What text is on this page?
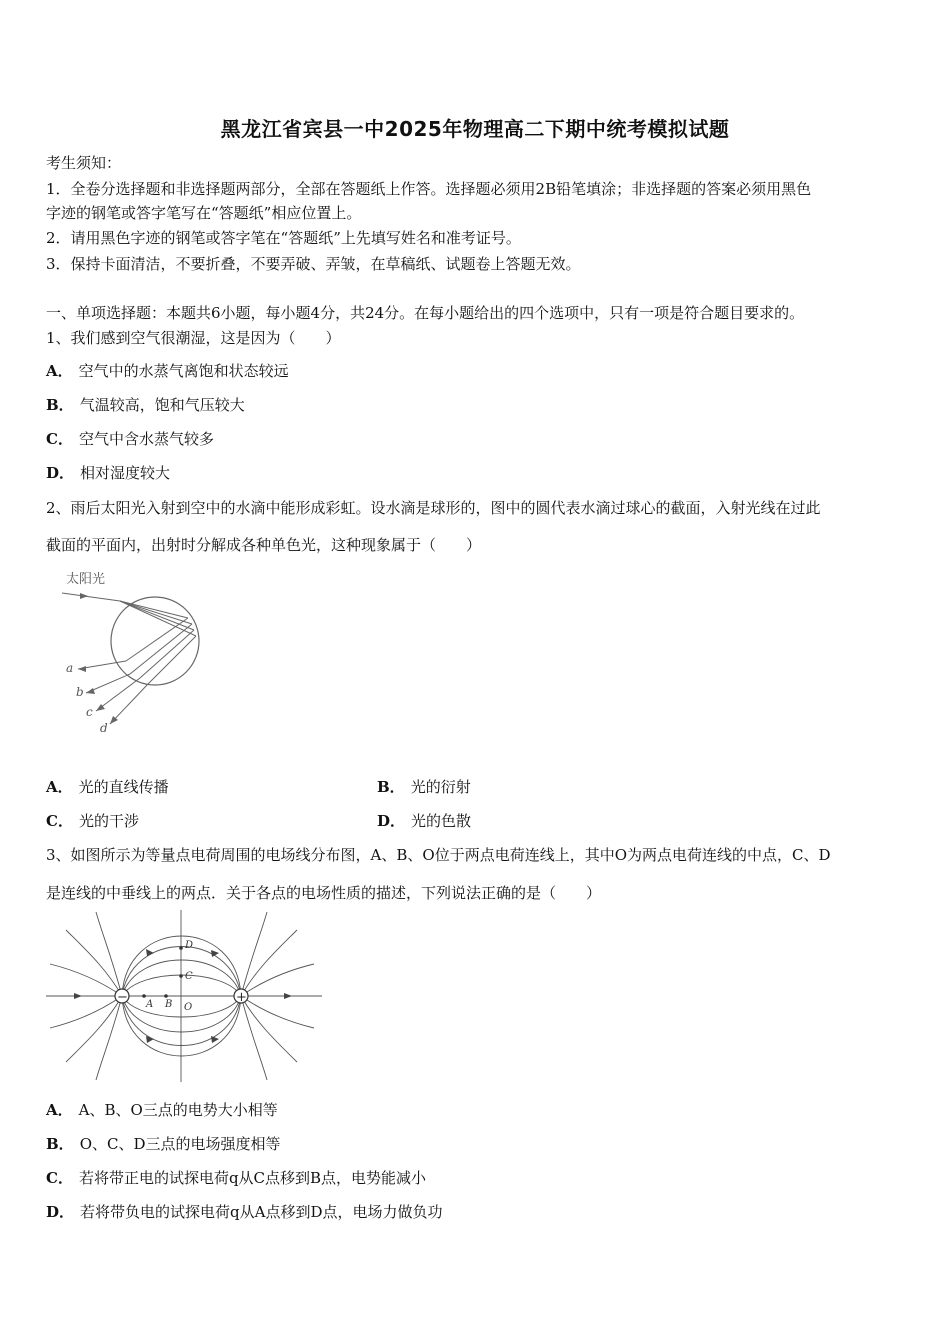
黑龙江省宾县一中2025年物理高二下期中统考模拟试题
考生须知：
1．全卷分选择题和非选择题两部分，全部在答题纸上作答。选择题必须用2B铅笔填涂；非选择题的答案必须用黑色
字迹的钢笔或答字笔写在“答题纸”相应位置上。
2．请用黑色字迹的钢笔或答字笔在“答题纸”上先填写姓名和准考证号。
3．保持卡面清洁，不要折叠，不要弄破、弄皱，在草稿纸、试题卷上答题无效。
一、单项选择题：本题共6小题，每小题4分，共24分。在每小题给出的四个选项中，只有一项是符合题目要求的。
1、我们感到空气很潮湿，这是因为（　　）
A． 空气中的水蒸气离饱和状态较远
B． 气温较高，饱和气压较大
C． 空气中含水蒸气较多
D． 相对湿度较大
2、雨后太阳光入射到空中的水滴中能形成彩虹。设水滴是球形的，图中的圆代表水滴过球心的截面，入射光线在过此
截面的平面内，出射时分解成各种单色光，这种现象属于（　　）
太阳光
a
b
c
d
A． 光的直线传播	B． 光的衍射
C． 光的干涉	D． 光的色散
3、如图所示为等量点电荷周围的电场线分布图，A、B、O位于两点电荷连线上，其中O为两点电荷连线的中点，C、D
是连线的中垂线上的两点．关于各点的电场性质的描述，下列说法正确的是（　　）
−	+
D
C
A B O
A． A、B、O三点的电势大小相等
B． O、C、D三点的电场强度相等
C． 若将带正电的试探电荷q从C点移到B点，电势能减小
D． 若将带负电的试探电荷q从A点移到D点，电场力做负功
